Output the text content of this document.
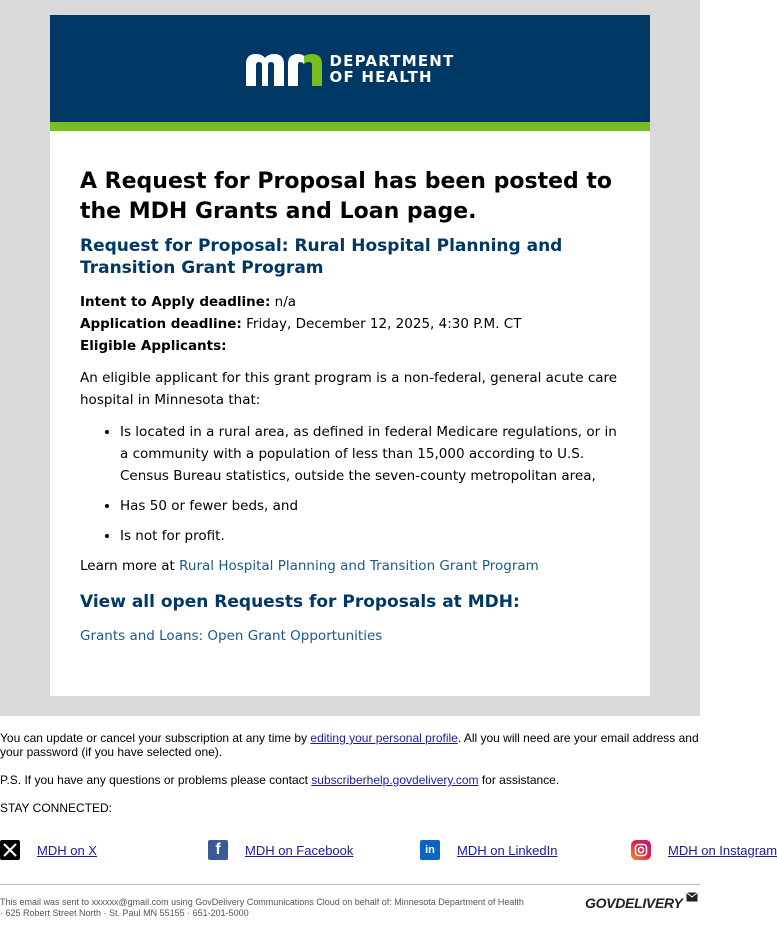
DEPARTMENT
OF HEALTH
A Request for Proposal has been posted to the MDH Grants and Loan page.
Request for Proposal: Rural Hospital Planning and Transition Grant Program
Intent to Apply deadline: n/a
Application deadline: Friday, December 12, 2025, 4:30 P.M. CT
Eligible Applicants:

An eligible applicant for this grant program is a non-federal, general acute care hospital in Minnesota that:

• Is located in a rural area, as defined in federal Medicare regulations, or in a community with a population of less than 15,000 according to U.S. Census Bureau statistics, outside the seven-county metropolitan area,
• Has 50 or fewer beds, and
• Is not for profit.

Learn more at Rural Hospital Planning and Transition Grant Program

View all open Requests for Proposals at MDH:

Grants and Loans: Open Grant Opportunities

You can update or cancel your subscription at any time by editing your personal profile. All you will need are your email address and your password (if you have selected one).

P.S. If you have any questions or problems please contact subscriberhelp.govdelivery.com for assistance.

STAY CONNECTED:

MDH on X	f	MDH on Facebook	in	MDH on LinkedIn	MDH on Instagram
This email was sent to xxxxxx@gmail.com using GovDelivery Communications Cloud on behalf of: Minnesota Department of Health
· 625 Robert Street North · St. Paul MN 55155 · 651-201-5000
GOVDELIVERY
